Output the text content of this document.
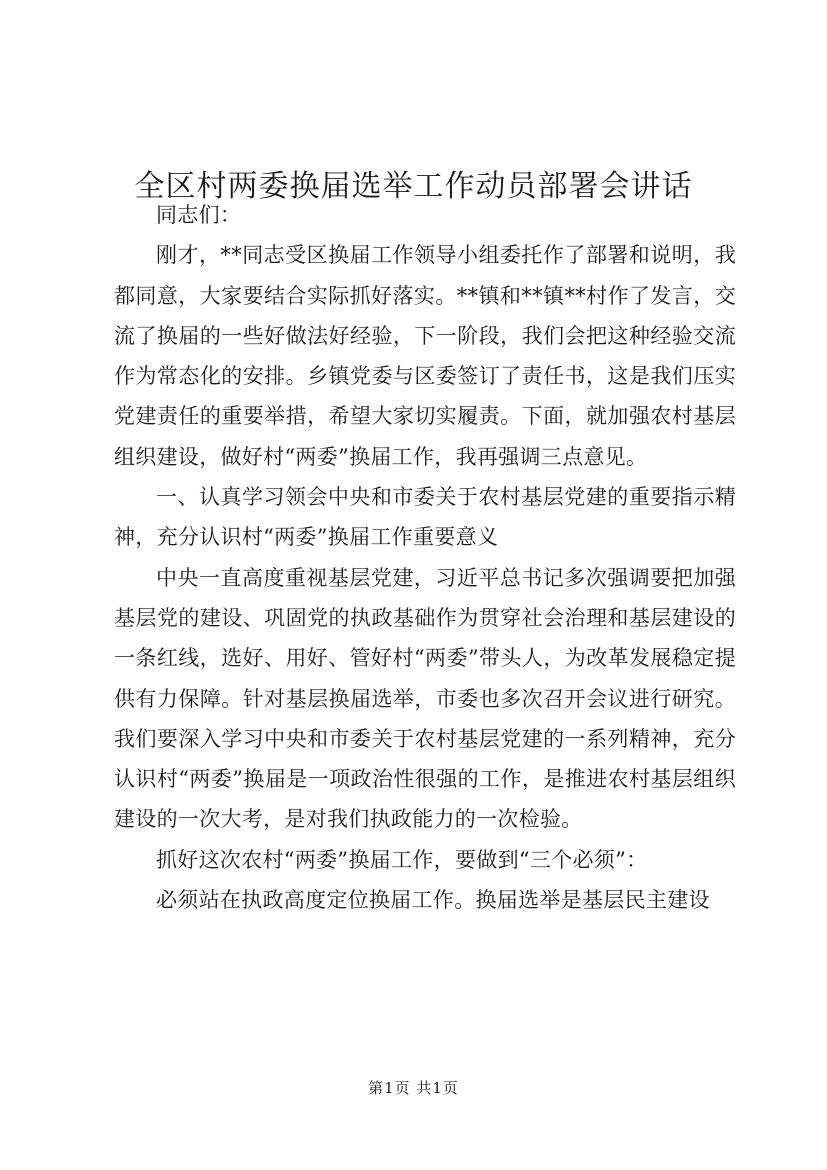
全区村两委换届选举工作动员部署会讲话

同志们：

刚才，**同志受区换届工作领导小组委托作了部署和说明，我都同意，大家要结合实际抓好落实。**镇和**镇**村作了发言，交流了换届的一些好做法好经验，下一阶段，我们会把这种经验交流作为常态化的安排。乡镇党委与区委签订了责任书，这是我们压实党建责任的重要举措，希望大家切实履责。下面，就加强农村基层组织建设，做好村“两委”换届工作，我再强调三点意见。

一、认真学习领会中央和市委关于农村基层党建的重要指示精神，充分认识村“两委”换届工作重要意义

中央一直高度重视基层党建，习近平总书记多次强调要把加强基层党的建设、巩固党的执政基础作为贯穿社会治理和基层建设的一条红线，选好、用好、管好村“两委”带头人，为改革发展稳定提供有力保障。针对基层换届选举，市委也多次召开会议进行研究。我们要深入学习中央和市委关于农村基层党建的一系列精神，充分认识村“两委”换届是一项政治性很强的工作，是推进农村基层组织建设的一次大考，是对我们执政能力的一次检验。

抓好这次农村“两委”换届工作，要做到“三个必须”：

必须站在执政高度定位换届工作。换届选举是基层民主建设

第1页 共1页
